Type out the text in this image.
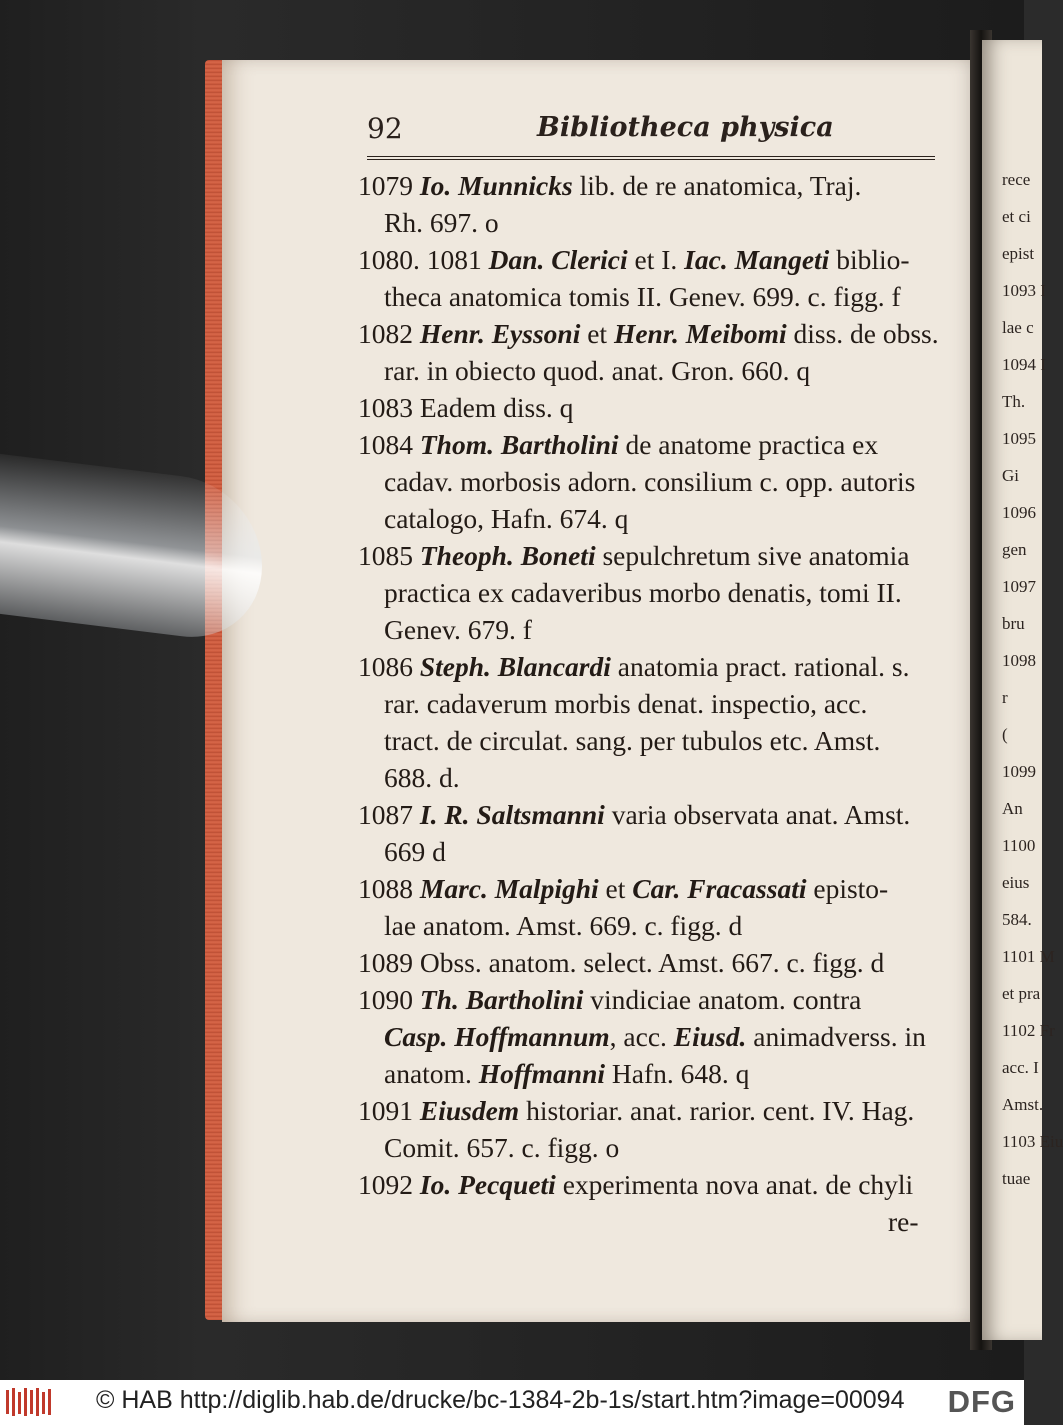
rece
et ci
epist
1093 I
lae c
1094 I
Th.
1095
Gi
1096
gen
1097
bru
1098
r
(
1099
An
1100
eius
584.
1101 M
et pra
1102 Fr
acc. I
Amst.
1103 Eiu
tuae
92	Bibliotheca physica
1079 Io. Munnicks lib. de re anatomica, Traj.
Rh. 697. o
1080. 1081 Dan. Clerici et I. Iac. Mangeti biblio-
theca anatomica tomis II. Genev. 699. c. figg. f
1082 Henr. Eyssoni et Henr. Meibomi diss. de obss.
rar. in obiecto quod. anat. Gron. 660. q
1083 Eadem diss. q
1084 Thom. Bartholini de anatome practica ex
cadav. morbosis adorn. consilium c. opp. autoris
catalogo, Hafn. 674. q
1085 Theoph. Boneti sepulchretum sive anatomia
practica ex cadaveribus morbo denatis, tomi II.
Genev. 679. f
1086 Steph. Blancardi anatomia pract. rational. s.
rar. cadaverum morbis denat. inspectio, acc.
tract. de circulat. sang. per tubulos etc. Amst.
688. d.
1087 I. R. Saltsmanni varia observata anat. Amst.
669 d
1088 Marc. Malpighi et Car. Fracassati episto-
lae anatom. Amst. 669. c. figg. d
1089 Obss. anatom. select. Amst. 667. c. figg. d
1090 Th. Bartholini vindiciae anatom. contra
Casp. Hoffmannum, acc. Eiusd. animadverss. in
anatom. Hoffmanni Hafn. 648. q
1091 Eiusdem historiar. anat. rarior. cent. IV. Hag.
Comit. 657. c. figg. o
1092 Io. Pecqueti experimenta nova anat. de chyli
re-
© HAB http://diglib.hab.de/drucke/bc-1384-2b-1s/start.htm?image=00094 DFG
